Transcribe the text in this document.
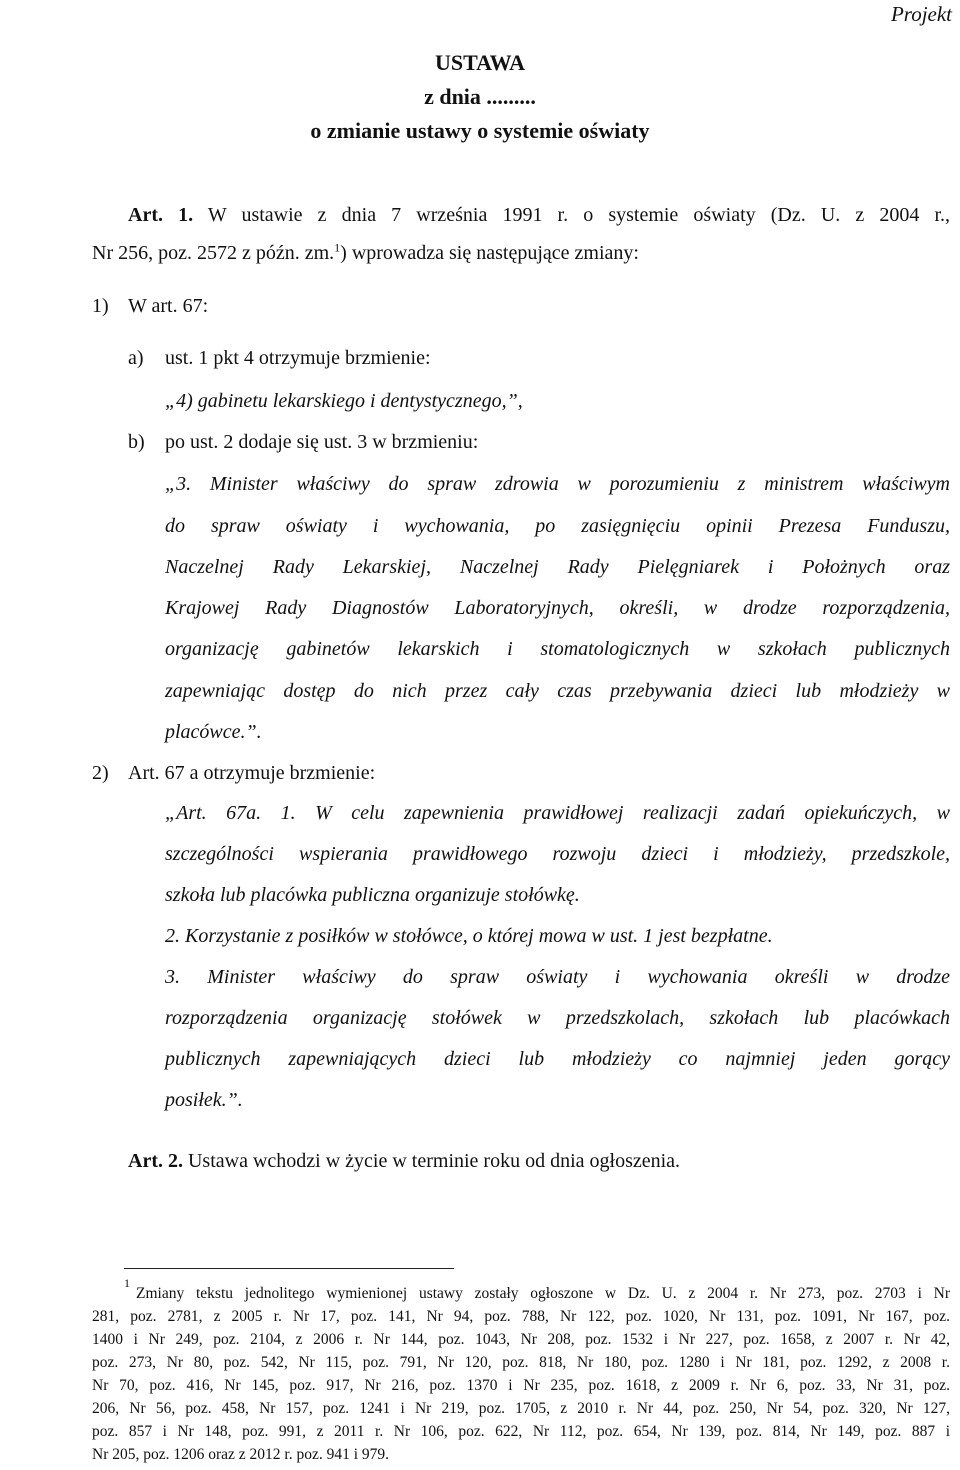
Projekt
USTAWA
z dnia .........
o zmianie ustawy o systemie oświaty
Art. 1. W ustawie z dnia 7 września 1991 r. o systemie oświaty (Dz. U. z 2004 r.,
Nr 256, poz. 2572 z późn. zm.$^1$) wprowadza się następujące zmiany:
1) W art. 67:
a) ust. 1 pkt 4 otrzymuje brzmienie:
„4) gabinetu lekarskiego i dentystycznego,”,
b) po ust. 2 dodaje się ust. 3 w brzmieniu:
„3. Minister właściwy do spraw zdrowia w porozumieniu z ministrem właściwym
do spraw oświaty i wychowania, po zasięgnięciu opinii Prezesa Funduszu,
Naczelnej Rady Lekarskiej, Naczelnej Rady Pielęgniarek i Położnych oraz
Krajowej Rady Diagnostów Laboratoryjnych, określi, w drodze rozporządzenia,
organizację gabinetów lekarskich i stomatologicznych w szkołach publicznych
zapewniając dostęp do nich przez cały czas przebywania dzieci lub młodzieży w
placówce.”.
2) Art. 67 a otrzymuje brzmienie:
„Art. 67a. 1. W celu zapewnienia prawidłowej realizacji zadań opiekuńczych, w
szczególności wspierania prawidłowego rozwoju dzieci i młodzieży, przedszkole,
szkoła lub placówka publiczna organizuje stołówkę.
2. Korzystanie z posiłków w stołówce, o której mowa w ust. 1 jest bezpłatne.
3. Minister właściwy do spraw oświaty i wychowania określi w drodze
rozporządzenia organizację stołówek w przedszkolach, szkołach lub placówkach
publicznych zapewniających dzieci lub młodzieży co najmniej jeden gorący
posiłek.”.
Art. 2. Ustawa wchodzi w życie w terminie roku od dnia ogłoszenia.
$^1$
Zmiany tekstu jednolitego wymienionej ustawy zostały ogłoszone w Dz. U. z 2004 r. Nr 273, poz. 2703 i Nr
281, poz. 2781, z 2005 r. Nr 17, poz. 141, Nr 94, poz. 788, Nr 122, poz. 1020, Nr 131, poz. 1091, Nr 167, poz.
1400 i Nr 249, poz. 2104, z 2006 r. Nr 144, poz. 1043, Nr 208, poz. 1532 i Nr 227, poz. 1658, z 2007 r. Nr 42,
poz. 273, Nr 80, poz. 542, Nr 115, poz. 791, Nr 120, poz. 818, Nr 180, poz. 1280 i Nr 181, poz. 1292, z 2008 r.
Nr 70, poz. 416, Nr 145, poz. 917, Nr 216, poz. 1370 i Nr 235, poz. 1618, z 2009 r. Nr 6, poz. 33, Nr 31, poz.
206, Nr 56, poz. 458, Nr 157, poz. 1241 i Nr 219, poz. 1705, z 2010 r. Nr 44, poz. 250, Nr 54, poz. 320, Nr 127,
poz. 857 i Nr 148, poz. 991, z 2011 r. Nr 106, poz. 622, Nr 112, poz. 654, Nr 139, poz. 814, Nr 149, poz. 887 i
Nr 205, poz. 1206 oraz z 2012 r. poz. 941 i 979.
